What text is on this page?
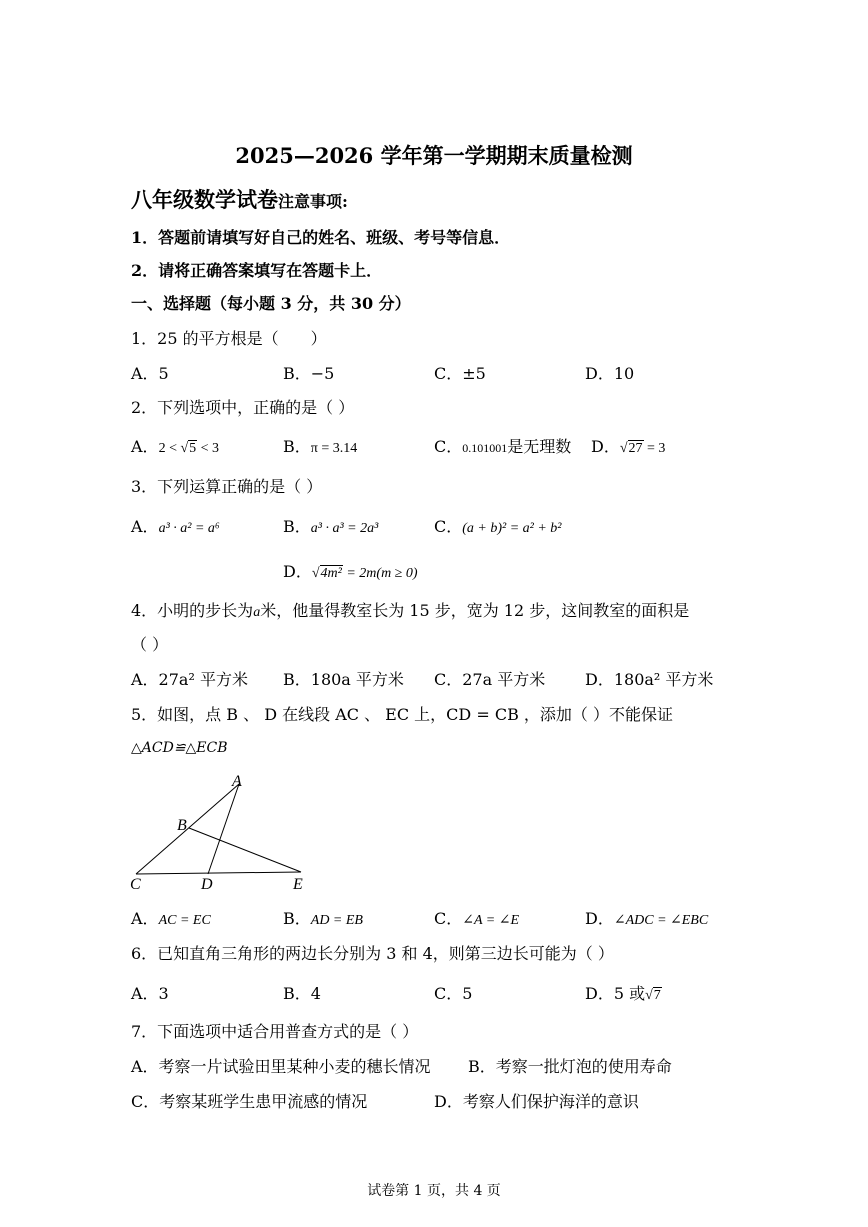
2025—2026 学年第一学期期末质量检测
八年级数学试卷注意事项:
1．答题前请填写好自己的姓名、班级、考号等信息．
2．请将正确答案填写在答题卡上．
一、选择题（每小题 3 分，共 30 分）
1．25 的平方根是（　　）
A．5	B．−5	C．±5	D．10
2．下列选项中，正确的是（ ）
A．2 < √5 < 3	B．π = 3.14	C．0.101001是无理数 D．√27 = 3
3．下列运算正确的是（ ）
A．a³ · a² = a⁶	B．a³ · a³ = 2a³	C．(a + b)² = a² + b²
D．√4m² = 2m(m ≥ 0)
4．小明的步长为a米，他量得教室长为 15 步，宽为 12 步，这间教室的面积是
（ ）
A．27a² 平方米 B．180a 平方米 C．27a 平方米 D．180a² 平方米
5．如图，点 B 、 D 在线段 AC 、 EC 上，CD = CB ，添加（ ）不能保证
△ACD≌△ECB
A
B
C	D	E
A．AC = EC	B．AD = EB	C．∠A = ∠E	D．∠ADC = ∠EBC
6．已知直角三角形的两边长分别为 3 和 4，则第三边长可能为（ ）
A．3	B．4	C．5	D．5 或√7
7．下面选项中适合用普查方式的是（ ）
A．考察一片试验田里某种小麦的穗长情况 B．考察一批灯泡的使用寿命
C．考察某班学生患甲流感的情况	D．考察人们保护海洋的意识
试卷第 1 页，共 4 页
